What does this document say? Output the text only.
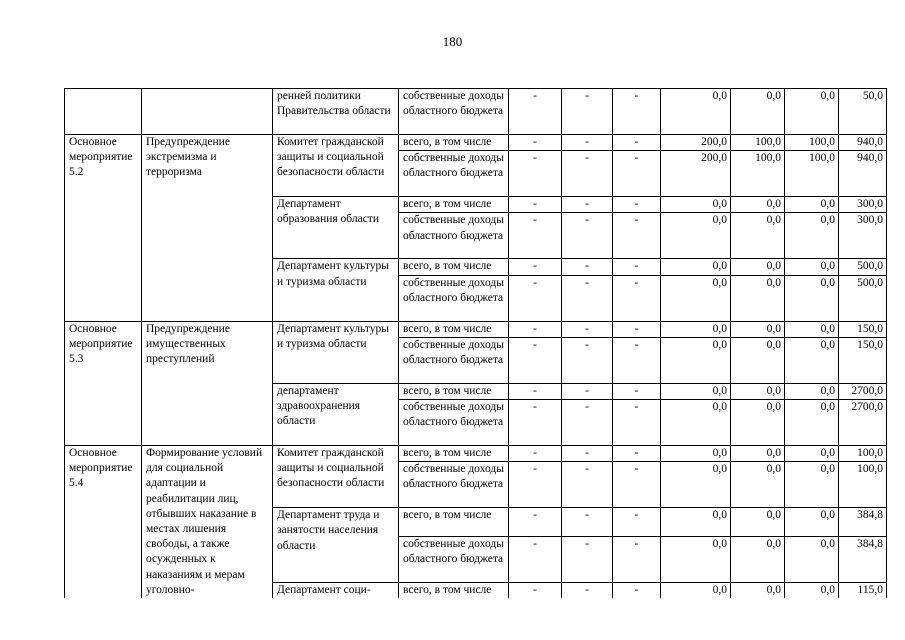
180
		ренней политики Правительства области	собственные доходы областного бюджета	-	-	-	0,0	0,0	0,0	50,0
Основное мероприятие 5.2	Предупреждение экстремизма и терроризма	Комитет гражданской защиты и социальной безопасности области	всего, в том числе	-	-	-	200,0	100,0	100,0	940,0
			собственные доходы областного бюджета	-	-	-	200,0	100,0	100,0	940,0
		Департамент образования области	всего, в том числе	-	-	-	0,0	0,0	0,0	300,0
			собственные доходы областного бюджета	-	-	-	0,0	0,0	0,0	300,0
		Департамент культуры и туризма области	всего, в том числе	-	-	-	0,0	0,0	0,0	500,0
			собственные доходы областного бюджета	-	-	-	0,0	0,0	0,0	500,0
Основное мероприятие 5.3	Предупреждение имущественных преступлений	Департамент культуры и туризма области	всего, в том числе	-	-	-	0,0	0,0	0,0	150,0
			собственные доходы областного бюджета	-	-	-	0,0	0,0	0,0	150,0
		департамент здравоохранения области	всего, в том числе	-	-	-	0,0	0,0	0,0	2700,0
			собственные доходы областного бюджета	-	-	-	0,0	0,0	0,0	2700,0
Основное мероприятие 5.4	Формирование условий для социальной адаптации и реабилитации лиц, отбывших наказание в местах лишения свободы, а также осужденных к наказаниям и мерам уголовно-	Комитет гражданской защиты и социальной безопасности области	всего, в том числе	-	-	-	0,0	0,0	0,0	100,0
			собственные доходы областного бюджета	-	-	-	0,0	0,0	0,0	100,0
		Департамент труда и занятости населения области	всего, в том числе	-	-	-	0,0	0,0	0,0	384,8
			собственные доходы областного бюджета	-	-	-	0,0	0,0	0,0	384,8
		Департамент соци-	всего, в том числе	-	-	-	0,0	0,0	0,0	115,0
